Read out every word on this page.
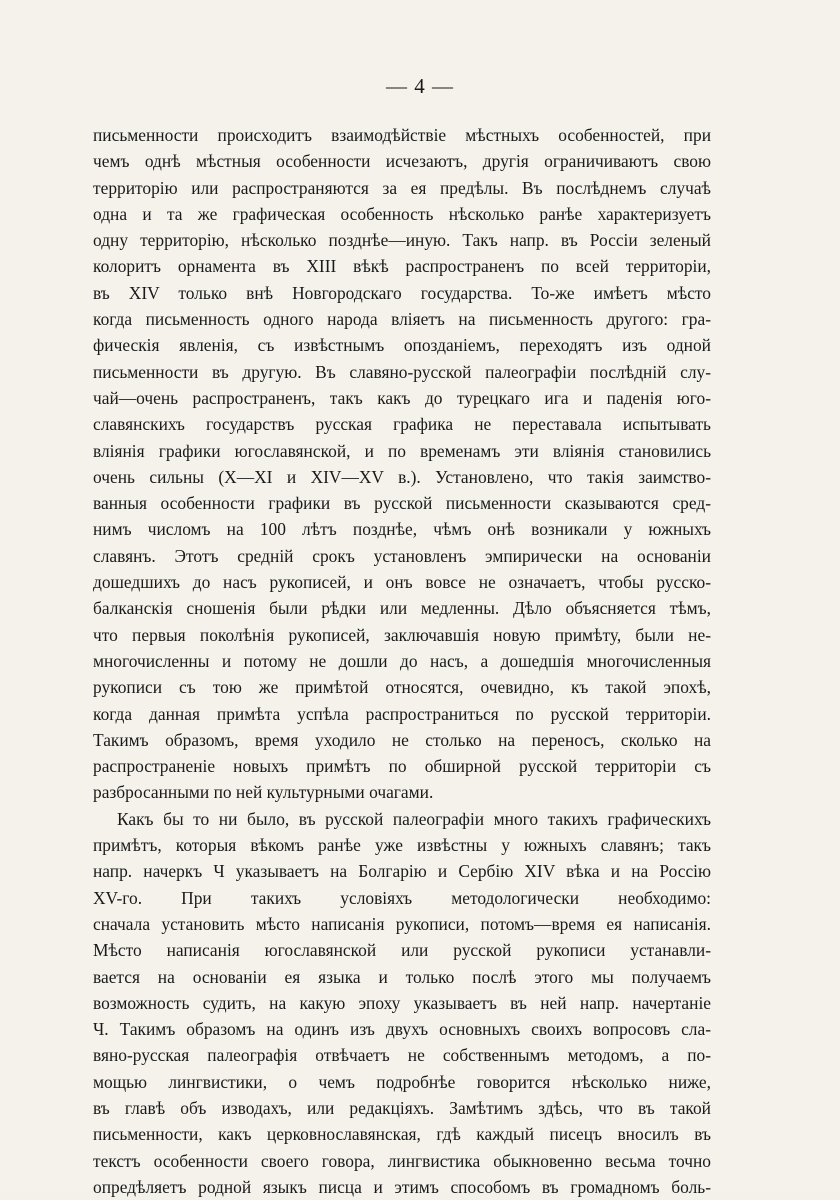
— 4 —
письменности происходитъ взаимодѣйствіе мѣстныхъ особенностей, при
чемъ однѣ мѣстныя особенности исчезаютъ, другія ограничиваютъ свою
территорію или распространяются за ея предѣлы. Въ послѣднемъ случаѣ
одна и та же графическая особенность нѣсколько ранѣе характеризуетъ
одну территорію, нѣсколько позднѣе—иную. Такъ напр. въ Россіи зеленый
колоритъ орнамента въ XIII вѣкѣ распространенъ по всей территоріи,
въ XIV только внѣ Новгородскаго государства. То-же имѣетъ мѣсто
когда письменность одного народа вліяетъ на письменность другого: гра-
фическія явленія, съ извѣстнымъ опозданіемъ, переходятъ изъ одной
письменности въ другую. Въ славяно-русской палеографіи послѣдній слу-
чай—очень распространенъ, такъ какъ до турецкаго ига и паденія юго-
славянскихъ государствъ русская графика не переставала испытывать
вліянія графики югославянской, и по временамъ эти вліянія становились
очень сильны (X—XI и XIV—XV в.). Установлено, что такія заимство-
ванныя особенности графики въ русской письменности сказываются сред-
нимъ числомъ на 100 лѣтъ позднѣе, чѣмъ онѣ возникали у южныхъ
славянъ. Этотъ средній срокъ установленъ эмпирически на основаніи
дошедшихъ до насъ рукописей, и онъ вовсе не означаетъ, чтобы русско-
балканскія сношенія были рѣдки или медленны. Дѣло объясняется тѣмъ,
что первыя поколѣнія рукописей, заключавшія новую примѣту, были не-
многочисленны и потому не дошли до насъ, а дошедшія многочисленныя
рукописи съ тою же примѣтой относятся, очевидно, къ такой эпохѣ,
когда данная примѣта успѣла распространиться по русской территоріи.
Такимъ образомъ, время уходило не столько на переносъ, сколько на
распространеніе новыхъ примѣтъ по обширной русской территоріи съ
разбросанными по ней культурными очагами.
Какъ бы то ни было, въ русской палеографіи много такихъ графическихъ
примѣтъ, которыя вѣкомъ ранѣе уже извѣстны у южныхъ славянъ; такъ
напр. начеркъ Ч указываетъ на Болгарію и Сербію XIV вѣка и на Россію
XV-го. При такихъ условіяхъ методологически необходимо:
сначала установить мѣсто написанія рукописи, потомъ—время ея написанія.
Мѣсто написанія югославянской или русской рукописи устанавли-
вается на основаніи ея языка и только послѣ этого мы получаемъ
возможность судить, на какую эпоху указываетъ въ ней напр. начертаніе
Ч. Такимъ образомъ на одинъ изъ двухъ основныхъ своихъ вопросовъ сла-
вяно-русская палеографія отвѣчаетъ не собственнымъ методомъ, а по-
мощью лингвистики, о чемъ подробнѣе говорится нѣсколько ниже,
въ главѣ объ изводахъ, или редакціяхъ. Замѣтимъ здѣсь, что въ такой
письменности, какъ церковнославянская, гдѣ каждый писецъ вносилъ въ
текстъ особенности своего говора, лингвистика обыкновенно весьма точно
опредѣляетъ родной языкъ писца и этимъ способомъ въ громадномъ боль-
